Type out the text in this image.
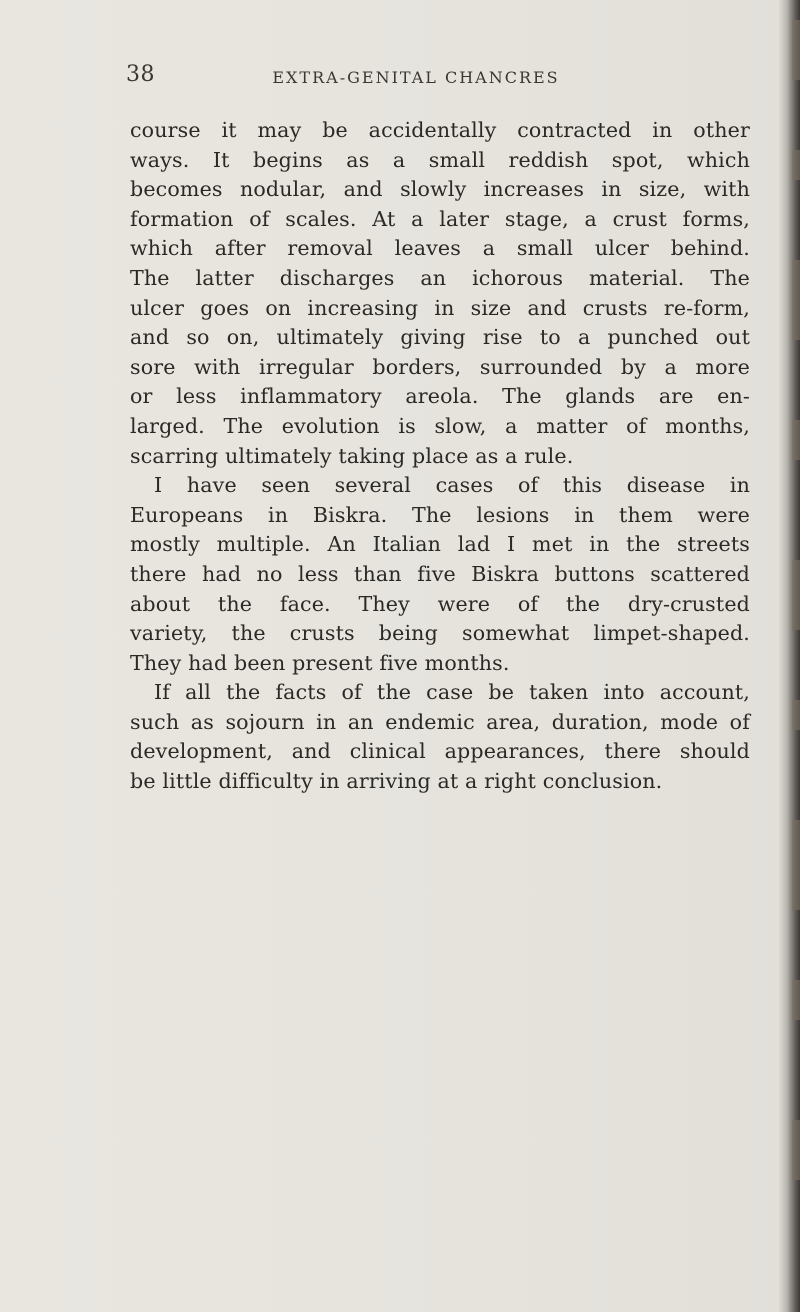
38	EXTRA-GENITAL CHANCRES
course it may be accidentally contracted in other
ways. It begins as a small reddish spot, which
becomes nodular, and slowly increases in size, with
formation of scales. At a later stage, a crust forms,
which after removal leaves a small ulcer behind.
The latter discharges an ichorous material. The
ulcer goes on increasing in size and crusts re-form,
and so on, ultimately giving rise to a punched out
sore with irregular borders, surrounded by a more
or less inflammatory areola. The glands are en-
larged. The evolution is slow, a matter of months,
scarring ultimately taking place as a rule.
I have seen several cases of this disease in
Europeans in Biskra. The lesions in them were
mostly multiple. An Italian lad I met in the streets
there had no less than five Biskra buttons scattered
about the face. They were of the dry-crusted
variety, the crusts being somewhat limpet-shaped.
They had been present five months.
If all the facts of the case be taken into account,
such as sojourn in an endemic area, duration, mode of
development, and clinical appearances, there should
be little difficulty in arriving at a right conclusion.
